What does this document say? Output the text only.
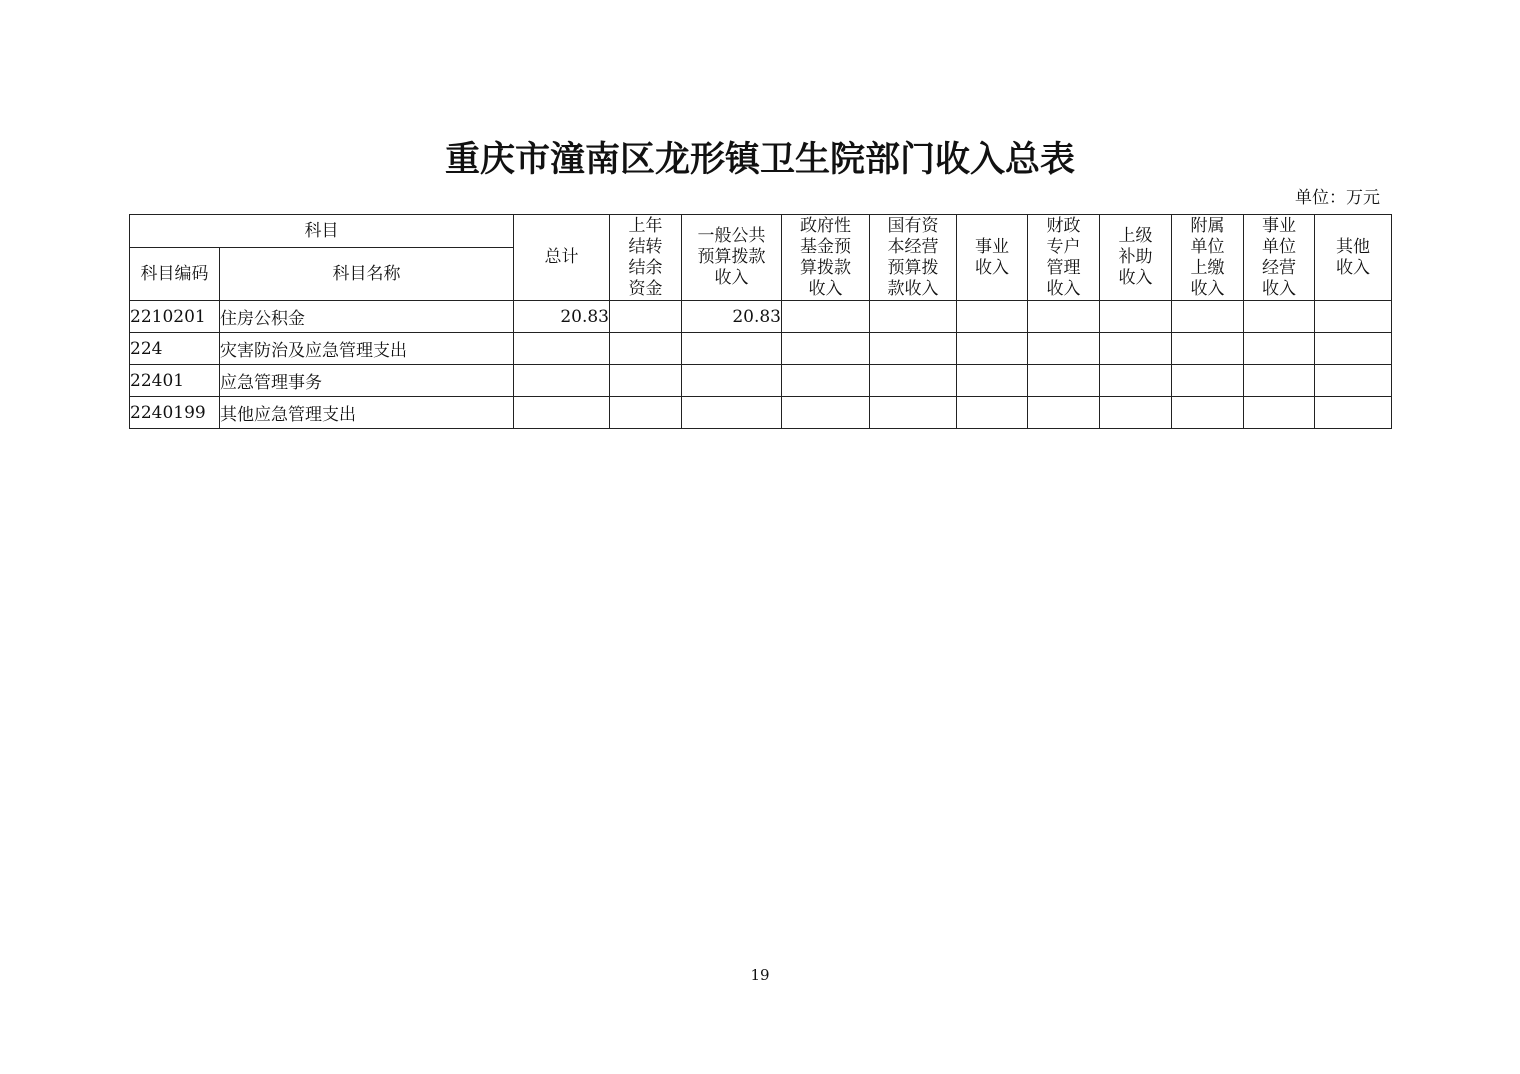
重庆市潼南区龙形镇卫生院部门收入总表
单位：万元
科目		总计	上年
结转
结余
资金	一般公共
预算拨款
收入	政府性
基金预
算拨款
收入	国有资
本经营
预算拨
款收入	事业
收入	财政
专户
管理
收入	上级
补助
收入	附属
单位
上缴
收入	事业
单位
经营
收入	其他
收入

科目编码	科目名称											
2210201	住房公积金	20.83		20.83								
224	灾害防治及应急管理支出											
22401	应急管理事务											
2240199	其他应急管理支出											
19
